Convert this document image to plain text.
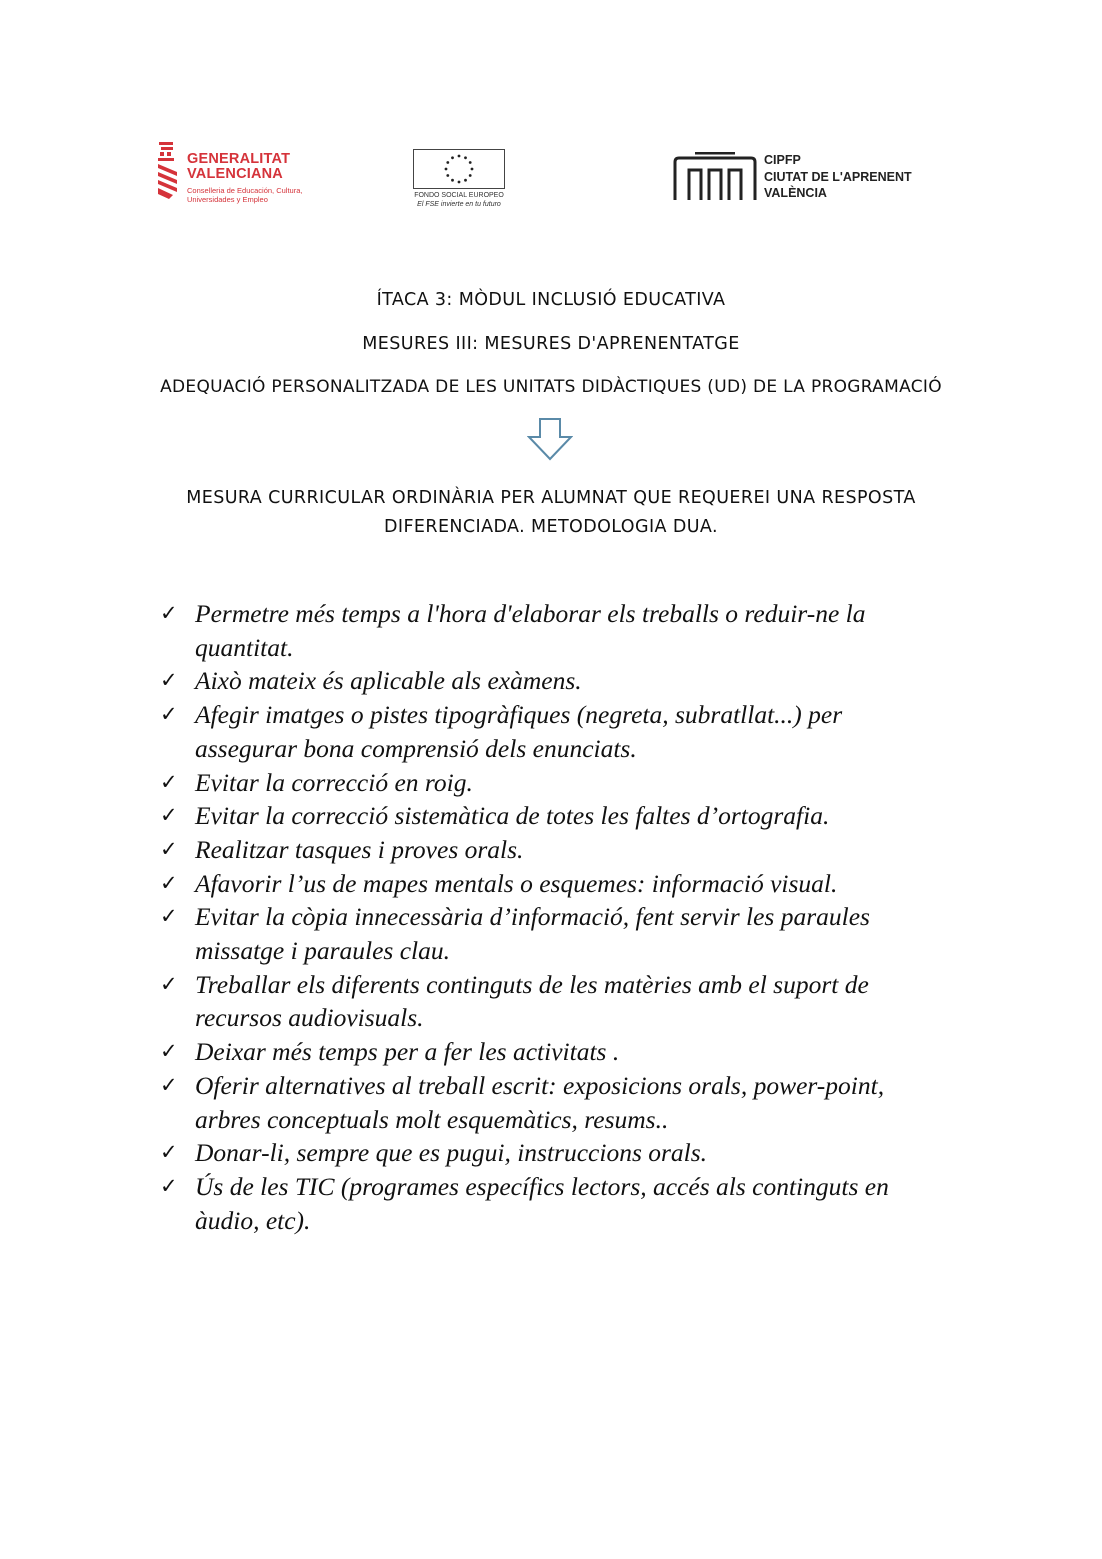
GENERALITAT
VALENCIANA
Conselleria de Educación, Cultura,
Universidades y Empleo	FONDO SOCIAL EUROPEO
El FSE invierte en tu futuro
CIPFP
CIUTAT DE L'APRENENT
VALÈNCIA
ÍTACA 3: MÒDUL INCLUSIÓ EDUCATIVA
MESURES III: MESURES D'APRENENTATGE
ADEQUACIÓ PERSONALITZADA DE LES UNITATS DIDÀCTIQUES (UD) DE LA PROGRAMACIÓ
MESURA CURRICULAR ORDINÀRIA PER ALUMNAT QUE REQUEREI UNA RESPOSTA
DIFERENCIADA. METODOLOGIA DUA.
✓ Permetre més temps a l'hora d'elaborar els treballs o reduir-ne la quantitat.
✓ Això mateix és aplicable als exàmens.
✓ Afegir imatges o pistes tipogràfiques (negreta, subratllat...) per assegurar bona comprensió dels enunciats.
✓ Evitar la correcció en roig.
✓ Evitar la correcció sistemàtica de totes les faltes d’ortografia.
✓ Realitzar tasques i proves orals.
✓ Afavorir l’us de mapes mentals o esquemes: informació visual.
✓ Evitar la còpia innecessària d’informació, fent servir les paraules missatge i paraules clau.
✓ Treballar els diferents continguts de les matèries amb el suport de recursos audiovisuals.
✓ Deixar més temps per a fer les activitats .
✓ Oferir alternatives al treball escrit: exposicions orals, power-point, arbres conceptuals molt esquemàtics, resums..
✓ Donar-li, sempre que es pugui, instruccions orals.
✓ Ús de les TIC (programes específics lectors, accés als continguts en àudio, etc).
